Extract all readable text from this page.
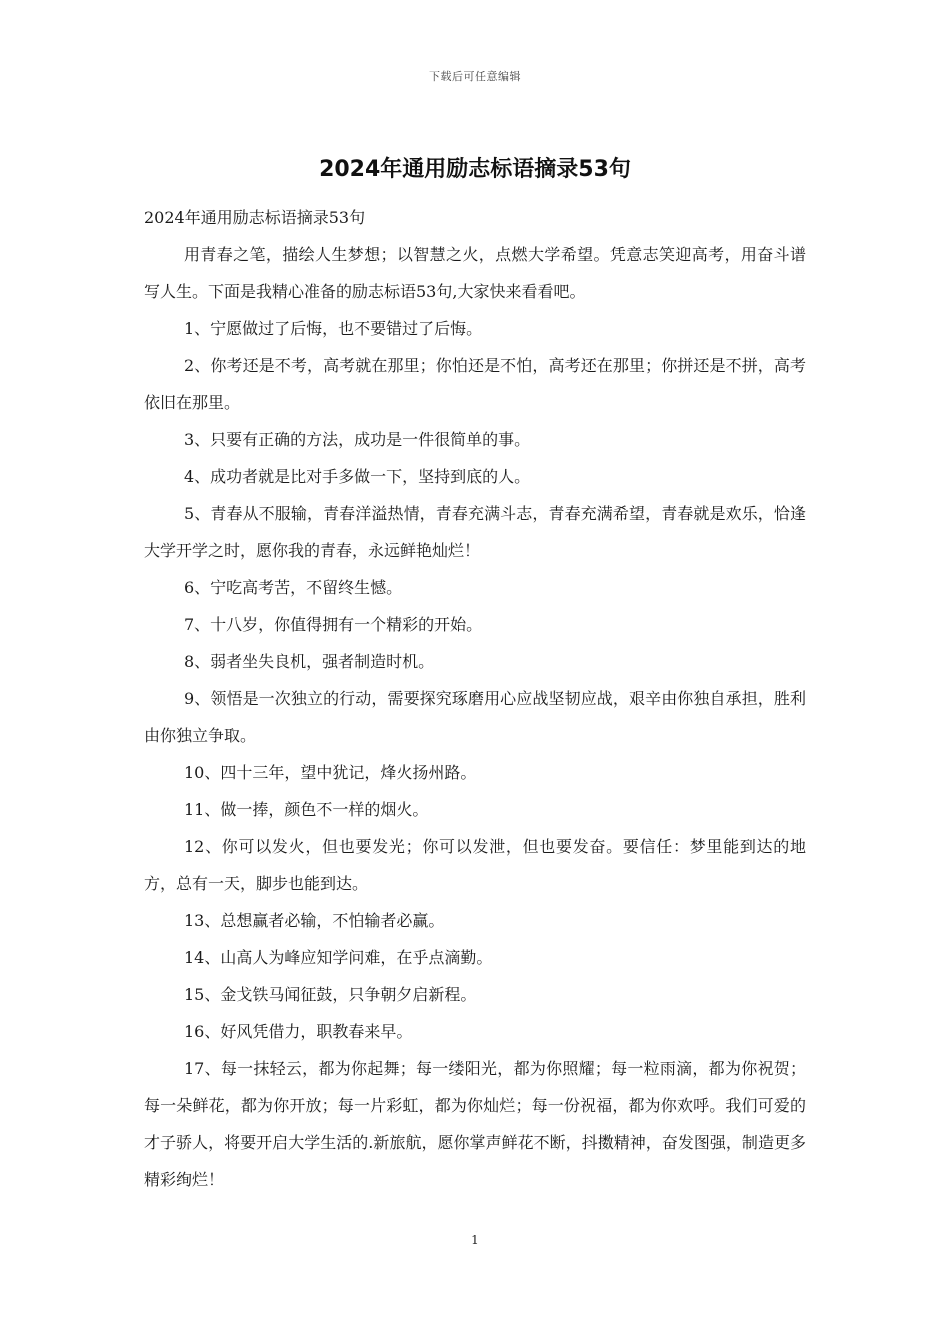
下载后可任意编辑
2024年通用励志标语摘录53句

2024年通用励志标语摘录53句

用青春之笔，描绘人生梦想；以智慧之火，点燃大学希望。凭意志笑迎高考，用奋斗谱写人生。下面是我精心准备的励志标语53句,大家快来看看吧。

1、宁愿做过了后悔，也不要错过了后悔。

2、你考还是不考，高考就在那里；你怕还是不怕，高考还在那里；你拼还是不拼，高考依旧在那里。

3、只要有正确的方法，成功是一件很简单的事。

4、成功者就是比对手多做一下，坚持到底的人。

5、青春从不服输，青春洋溢热情，青春充满斗志，青春充满希望，青春就是欢乐，恰逢大学开学之时，愿你我的青春，永远鲜艳灿烂！

6、宁吃高考苦，不留终生憾。

7、十八岁，你值得拥有一个精彩的开始。

8、弱者坐失良机，强者制造时机。

9、领悟是一次独立的行动，需要探究琢磨用心应战坚韧应战，艰辛由你独自承担，胜利由你独立争取。

10、四十三年，望中犹记，烽火扬州路。

11、做一捧，颜色不一样的烟火。

12、你可以发火，但也要发光；你可以发泄，但也要发奋。要信任：梦里能到达的地方，总有一天，脚步也能到达。

13、总想赢者必输，不怕输者必赢。

14、山高人为峰应知学问难，在乎点滴勤。

15、金戈铁马闻征鼓，只争朝夕启新程。

16、好风凭借力，职教春来早。

17、每一抹轻云，都为你起舞；每一缕阳光，都为你照耀；每一粒雨滴，都为你祝贺；每一朵鲜花，都为你开放；每一片彩虹，都为你灿烂；每一份祝福，都为你欢呼。我们可爱的才子骄人，将要开启大学生活的.新旅航，愿你掌声鲜花不断，抖擞精神，奋发图强，制造更多精彩绚烂！

1
